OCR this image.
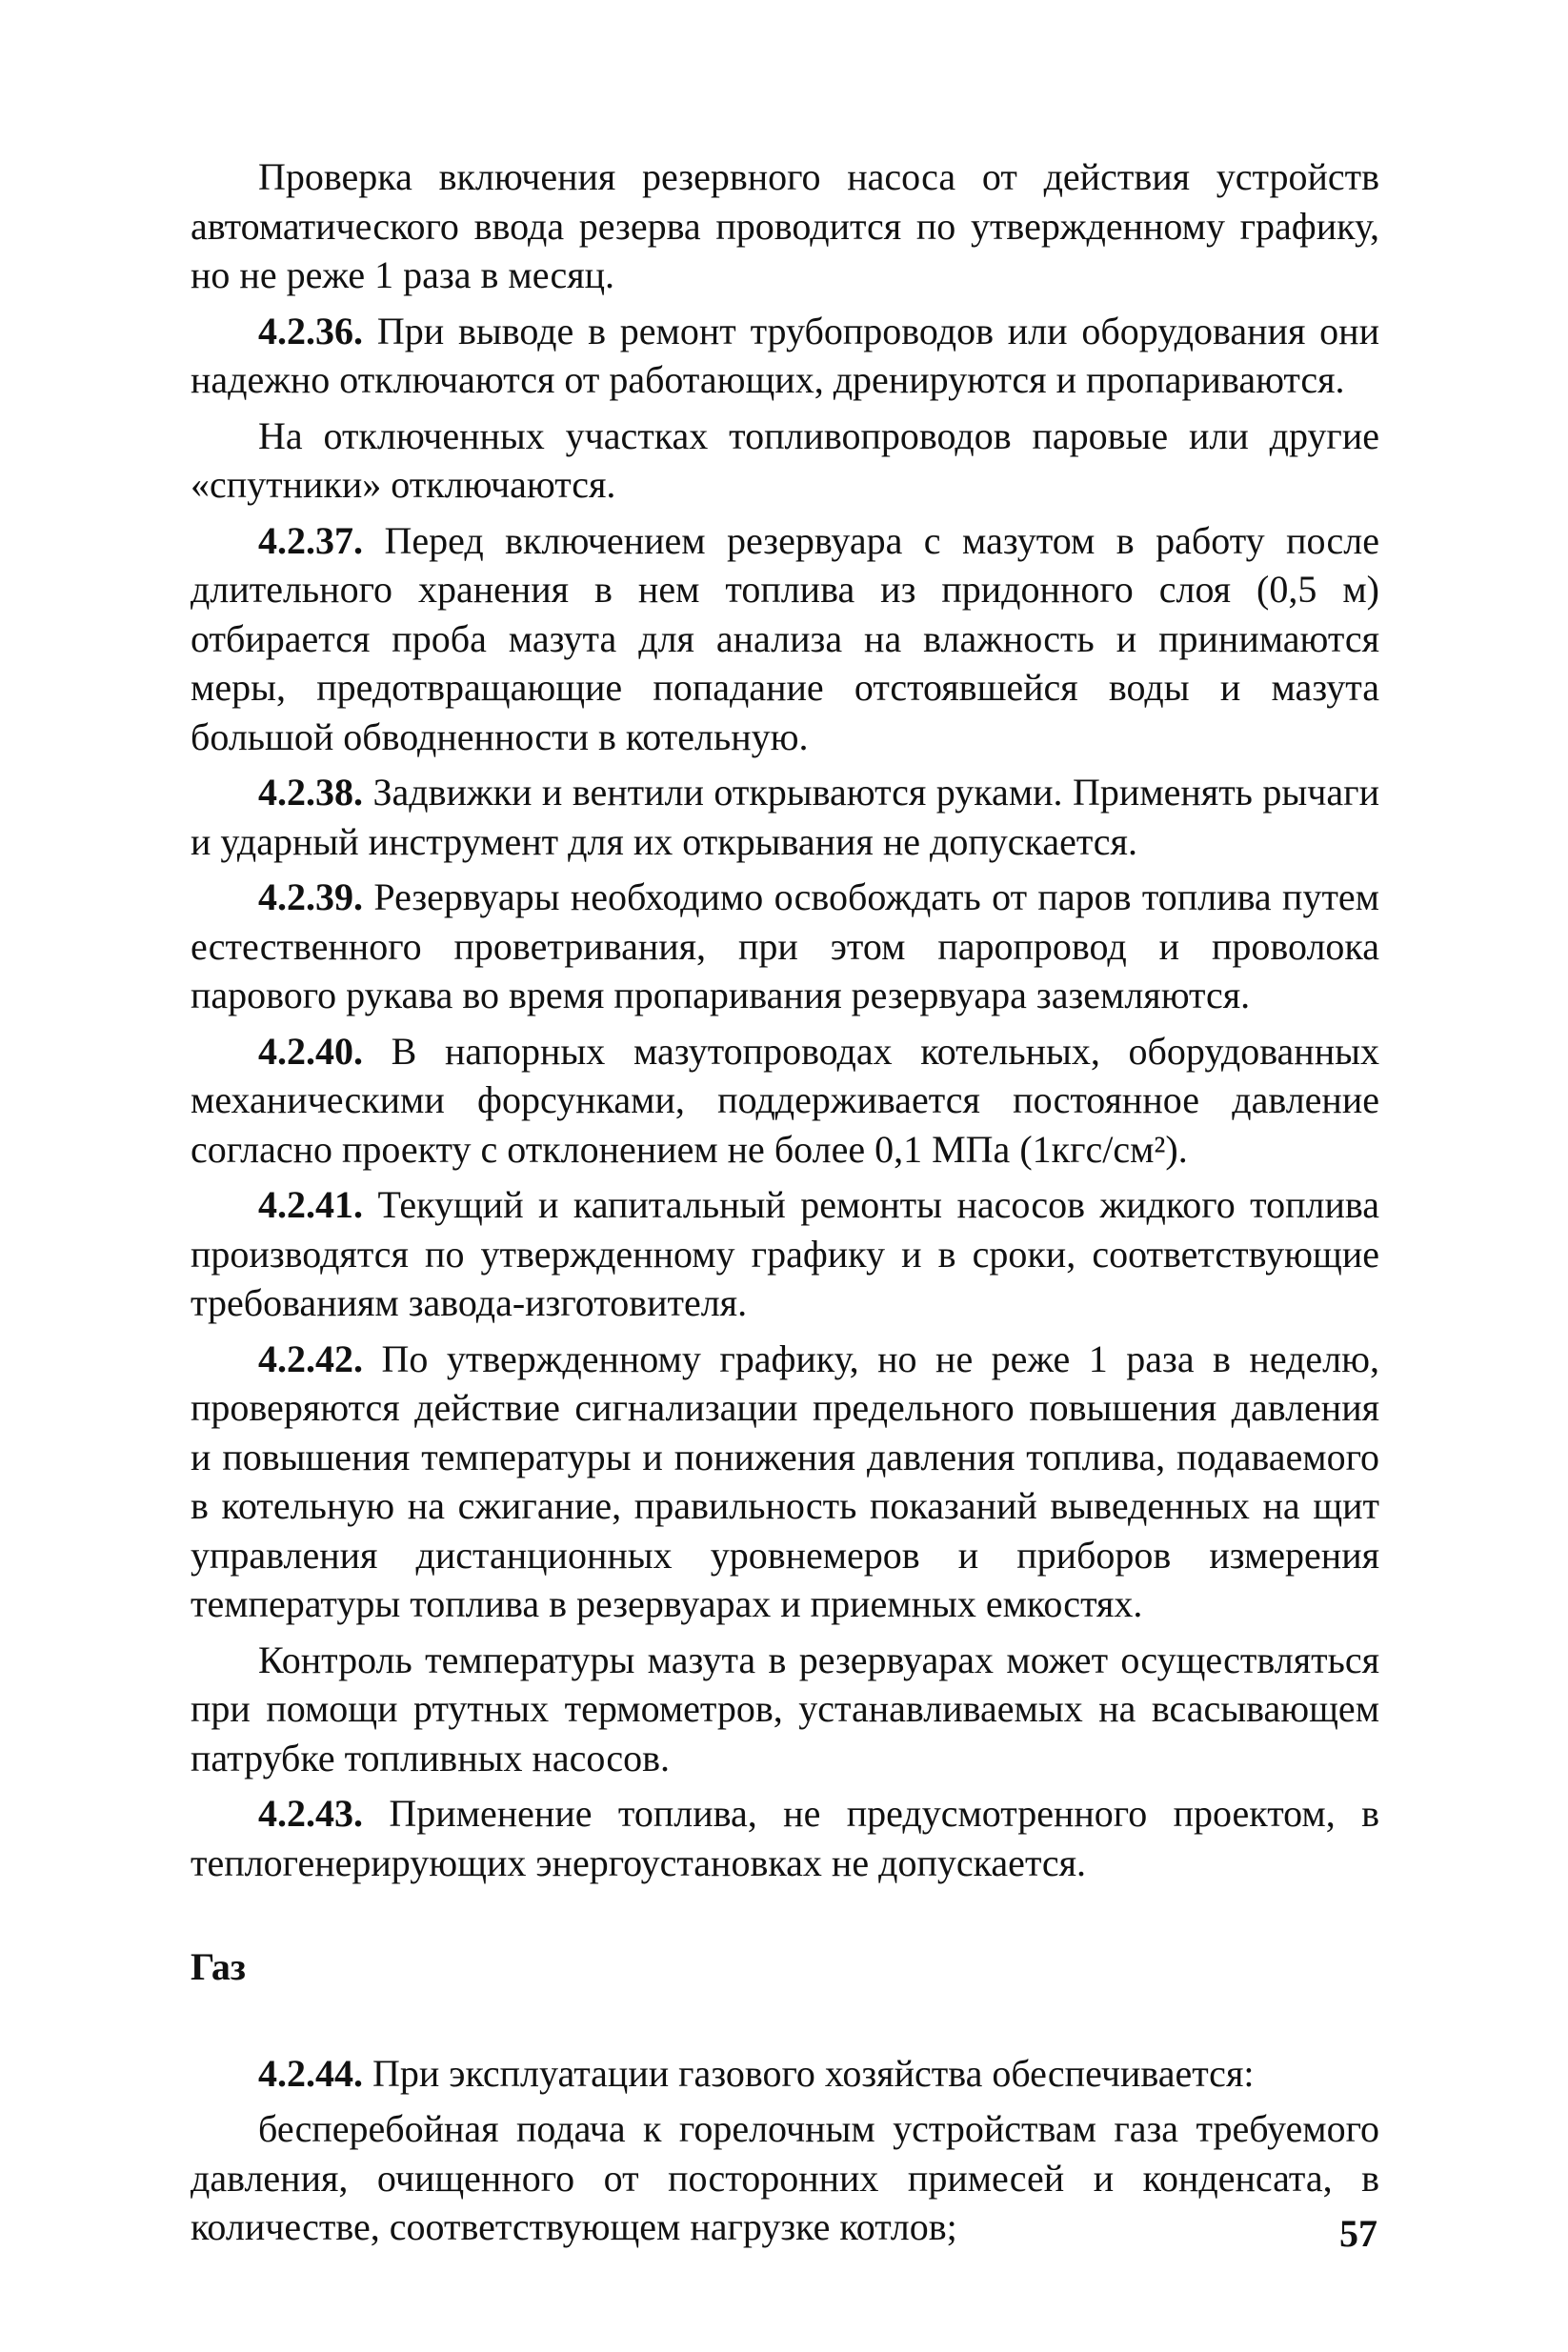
Проверка включения резервного насоса от действия устройств автоматического ввода резерва проводится по утвержденному графику, но не реже 1 раза в месяц.

4.2.36. При выводе в ремонт трубопроводов или оборудования они надежно отключаются от работающих, дренируются и пропариваются.

На отключенных участках топливопроводов паровые или другие «спутники» отключаются.

4.2.37. Перед включением резервуара с мазутом в работу после длительного хранения в нем топлива из придонного слоя (0,5 м) отбирается проба мазута для анализа на влажность и принимаются меры, предотвращающие попадание отстоявшейся воды и мазута большой обводненности в котельную.

4.2.38. Задвижки и вентили открываются руками. Применять рычаги и ударный инструмент для их открывания не допускается.

4.2.39. Резервуары необходимо освобождать от паров топлива путем естественного проветривания, при этом паропровод и проволока парового рукава во время пропаривания резервуара заземляются.

4.2.40. В напорных мазутопроводах котельных, оборудованных механическими форсунками, поддерживается постоянное давление согласно проекту с отклонением не более 0,1 МПа (1кгс/см²).

4.2.41. Текущий и капитальный ремонты насосов жидкого топлива производятся по утвержденному графику и в сроки, соответствующие требованиям завода-изготовителя.

4.2.42. По утвержденному графику, но не реже 1 раза в неделю, проверяются действие сигнализации предельного повышения давления и повышения температуры и понижения давления топлива, подаваемого в котельную на сжигание, правильность показаний выведенных на щит управления дистанционных уровнемеров и приборов измерения температуры топлива в резервуарах и приемных емкостях.

Контроль температуры мазута в резервуарах может осуществляться при помощи ртутных термометров, устанавливаемых на всасывающем патрубке топливных насосов.

4.2.43. Применение топлива, не предусмотренного проектом, в теплогенерирующих энергоустановках не допускается.

Газ

4.2.44. При эксплуатации газового хозяйства обеспечивается:

бесперебойная подача к горелочным устройствам газа требуемого давления, очищенного от посторонних примесей и конденсата, в количестве, соответствующем нагрузке котлов;	57
